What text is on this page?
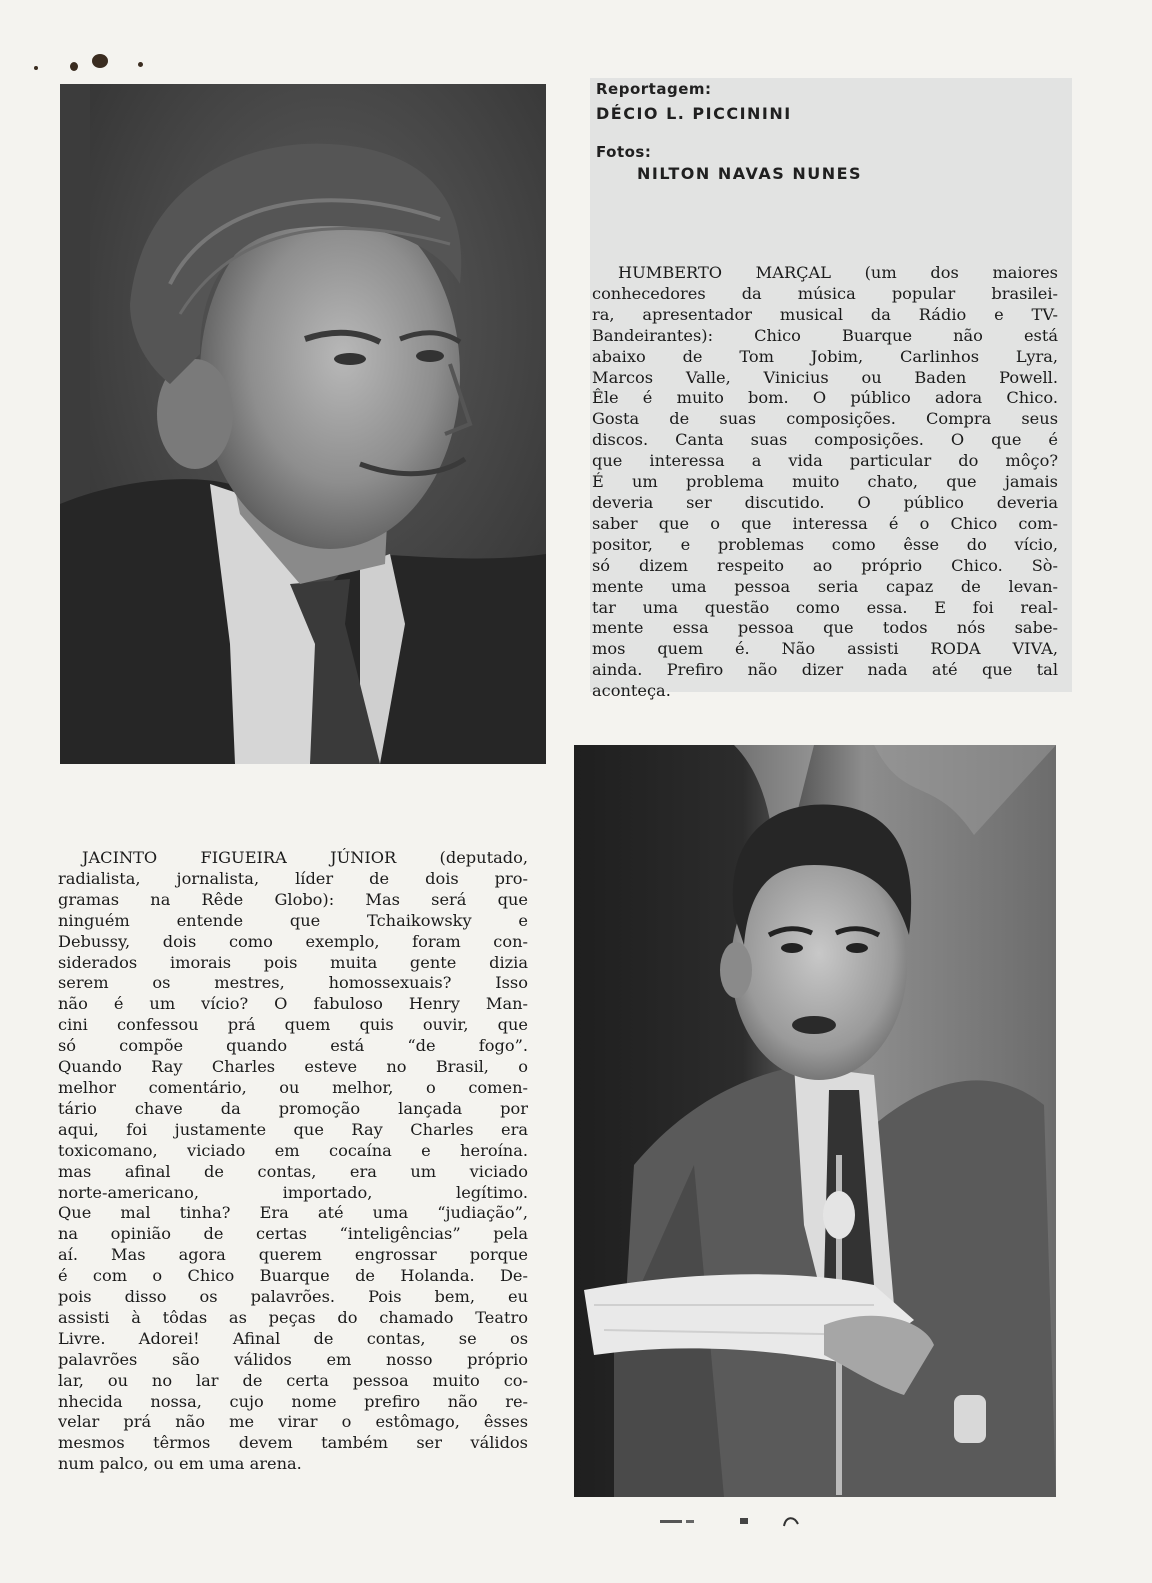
Reportagem:
DÉCIO L. PICCININI
Fotos:
NILTON NAVAS NUNES
HUMBERTO MARÇAL (um dos maiores
conhecedores da música popular brasilei-
ra, apresentador musical da Rádio e TV-
Bandeirantes): Chico Buarque não está
abaixo de Tom Jobim, Carlinhos Lyra,
Marcos Valle, Vinicius ou Baden Powell.
Êle é muito bom. O público adora Chico.
Gosta de suas composições. Compra seus
discos. Canta suas composições. O que é
que interessa a vida particular do môço?
É um problema muito chato, que jamais
deveria ser discutido. O público deveria
saber que o que interessa é o Chico com-
positor, e problemas como êsse do vício,
só dizem respeito ao próprio Chico. Sò-
mente uma pessoa seria capaz de levan-
tar uma questão como essa. E foi real-
mente essa pessoa que todos nós sabe-
mos quem é. Não assisti RODA VIVA,
ainda. Prefiro não dizer nada até que tal
aconteça.
JACINTO FIGUEIRA JÚNIOR (deputado,
radialista, jornalista, líder de dois pro-
gramas na Rêde Globo): Mas será que
ninguém entende que Tchaikowsky e
Debussy, dois como exemplo, foram con-
siderados imorais pois muita gente dizia
serem os mestres, homossexuais? Isso
não é um vício? O fabuloso Henry Man-
cini confessou prá quem quis ouvir, que
só compõe quando está “de fogo”.
Quando Ray Charles esteve no Brasil, o
melhor comentário, ou melhor, o comen-
tário chave da promoção lançada por
aqui, foi justamente que Ray Charles era
toxicomano, viciado em cocaína e heroína.
mas afinal de contas, era um viciado
norte-americano, importado, legítimo.
Que mal tinha? Era até uma “judiação”,
na opinião de certas “inteligências” pela
aí. Mas agora querem engrossar porque
é com o Chico Buarque de Holanda. De-
pois disso os palavrões. Pois bem, eu
assisti à tôdas as peças do chamado Teatro
Livre. Adorei! Afinal de contas, se os
palavrões são válidos em nosso próprio
lar, ou no lar de certa pessoa muito co-
nhecida nossa, cujo nome prefiro não re-
velar prá não me virar o estômago, êsses
mesmos têrmos devem também ser válidos
num palco, ou em uma arena.
